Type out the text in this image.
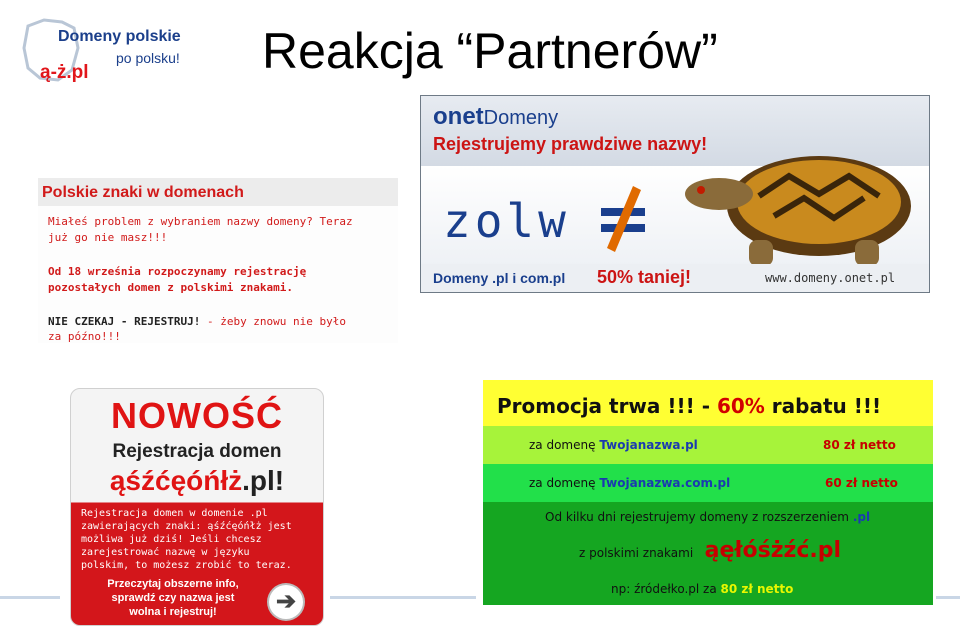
Domeny polskie
po polsku!
ą-ż.pl	Reakcja “Partnerów”
Polskie znaki w domenach
Miałeś problem z wybraniem nazwy domeny? Teraz
już go nie masz!!!
Od 18 września rozpoczynamy rejestrację
pozostałych domen z polskimi znakami.
NIE CZEKAJ - REJESTRUJ! - żeby znowu nie było
za późno!!!
onetDomeny
Rejestrujemy prawdziwe nazwy!
zolw
Domeny .pl i com.pl 50% taniej!	www.domeny.onet.pl
NOWOŚĆ
Rejestracja domen
ąśźćęóńłż.pl!
Rejestracja domen w domenie .pl
zawierających znaki: ąśźćęóńłż jest
możliwa już dziś! Jeśli chcesz
zarejestrować nazwę w języku
polskim, to możesz zrobić to teraz.
Przeczytaj obszerne info,
sprawdź czy nazwa jest
wolna i rejestruj!	➔
Promocja trwa !!! - 60% rabatu !!!
za domenę Twojanazwa.pl	80 zł netto
za domenę Twojanazwa.com.pl	60 zł netto
Od kilku dni rejestrujemy domeny z rozszerzeniem .pl
z polskimi znakami ąęłóśżźć.pl
np: źródełko.pl za 80 zł netto
